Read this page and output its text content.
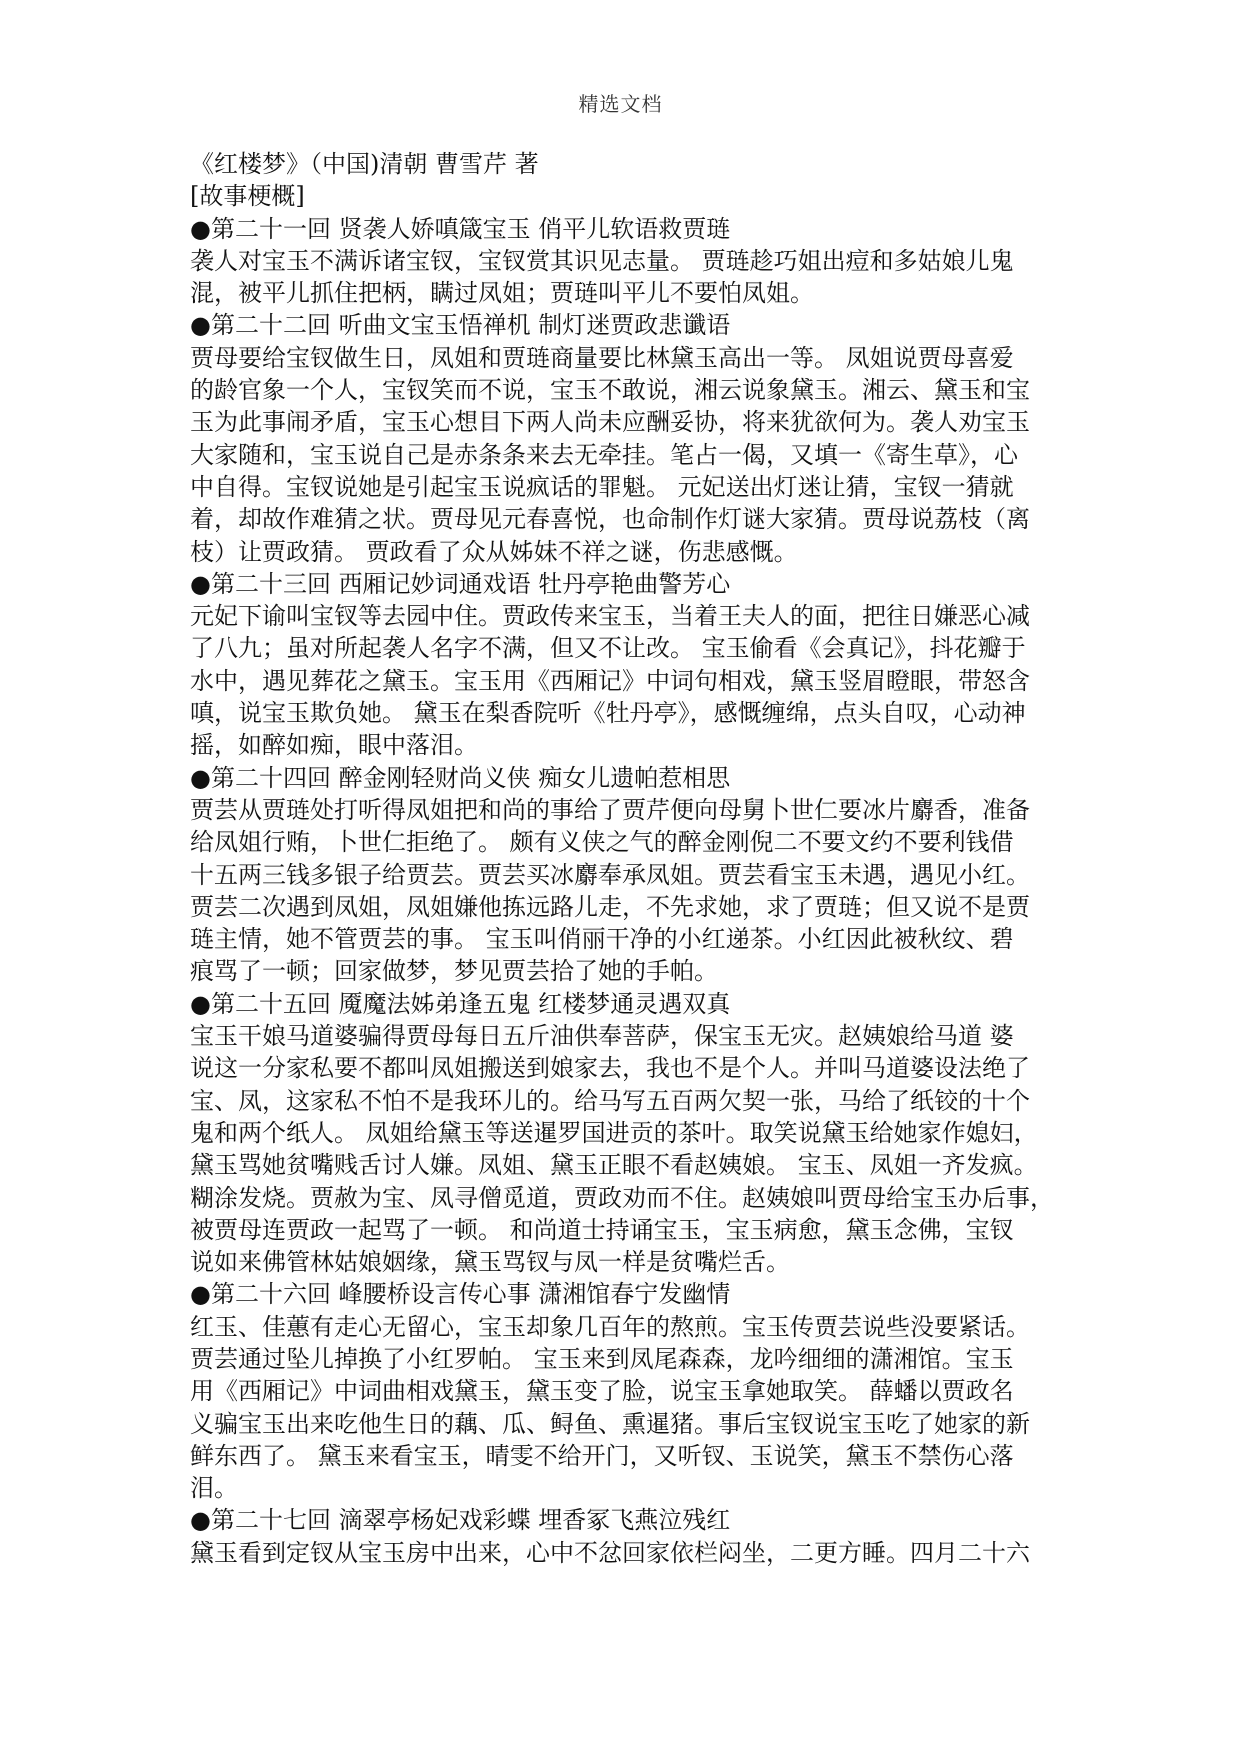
精选文档
《红楼梦》（中国)清朝 曹雪芹 著
[故事梗概]
●第二十一回 贤袭人娇嗔箴宝玉 俏平儿软语救贾琏
袭人对宝玉不满诉诸宝钗，宝钗赏其识见志量。 贾琏趁巧姐出痘和多姑娘儿鬼
混，被平儿抓住把柄，瞒过凤姐；贾琏叫平儿不要怕凤姐。
●第二十二回 听曲文宝玉悟禅机 制灯迷贾政悲谶语
贾母要给宝钗做生日，凤姐和贾琏商量要比林黛玉高出一等。 凤姐说贾母喜爱
的龄官象一个人，宝钗笑而不说，宝玉不敢说，湘云说象黛玉。湘云、黛玉和宝
玉为此事闹矛盾，宝玉心想目下两人尚未应酬妥协，将来犹欲何为。袭人劝宝玉
大家随和，宝玉说自己是赤条条来去无牵挂。笔占一偈，又填一《寄生草》，心
中自得。宝钗说她是引起宝玉说疯话的罪魁。 元妃送出灯迷让猜，宝钗一猜就
着，却故作难猜之状。贾母见元春喜悦，也命制作灯谜大家猜。贾母说荔枝（离
枝）让贾政猜。 贾政看了众从姊妹不祥之谜，伤悲感慨。
●第二十三回 西厢记妙词通戏语 牡丹亭艳曲警芳心
元妃下谕叫宝钗等去园中住。贾政传来宝玉，当着王夫人的面，把往日嫌恶心减
了八九；虽对所起袭人名字不满，但又不让改。 宝玉偷看《会真记》，抖花瓣于
水中，遇见葬花之黛玉。宝玉用《西厢记》中词句相戏，黛玉竖眉瞪眼，带怒含
嗔，说宝玉欺负她。 黛玉在梨香院听《牡丹亭》，感慨缠绵，点头自叹，心动神
摇，如醉如痴，眼中落泪。
●第二十四回 醉金刚轻财尚义侠 痴女儿遗帕惹相思
贾芸从贾琏处打听得凤姐把和尚的事给了贾芹便向母舅卜世仁要冰片麝香，准备
给凤姐行贿，卜世仁拒绝了。 颇有义侠之气的醉金刚倪二不要文约不要利钱借
十五两三钱多银子给贾芸。贾芸买冰麝奉承凤姐。贾芸看宝玉未遇，遇见小红。
贾芸二次遇到凤姐，凤姐嫌他拣远路儿走，不先求她，求了贾琏；但又说不是贾
琏主情，她不管贾芸的事。 宝玉叫俏丽干净的小红递茶。小红因此被秋纹、碧
痕骂了一顿；回家做梦，梦见贾芸拾了她的手帕。
●第二十五回 魇魔法姊弟逢五鬼 红楼梦通灵遇双真
宝玉干娘马道婆骗得贾母每日五斤油供奉菩萨，保宝玉无灾。赵姨娘给马道 婆
说这一分家私要不都叫凤姐搬送到娘家去，我也不是个人。并叫马道婆设法绝了
宝、凤，这家私不怕不是我环儿的。给马写五百两欠契一张，马给了纸铰的十个
鬼和两个纸人。 凤姐给黛玉等送暹罗国进贡的茶叶。取笑说黛玉给她家作媳妇，
黛玉骂她贫嘴贱舌讨人嫌。凤姐、黛玉正眼不看赵姨娘。 宝玉、凤姐一齐发疯。
糊涂发烧。贾赦为宝、凤寻僧觅道，贾政劝而不住。赵姨娘叫贾母给宝玉办后事，
被贾母连贾政一起骂了一顿。 和尚道士持诵宝玉，宝玉病愈，黛玉念佛，宝钗
说如来佛管林姑娘姻缘，黛玉骂钗与凤一样是贫嘴烂舌。
●第二十六回 峰腰桥设言传心事 潇湘馆春宁发幽情
红玉、佳蕙有走心无留心，宝玉却象几百年的熬煎。宝玉传贾芸说些没要紧话。
贾芸通过坠儿掉换了小红罗帕。 宝玉来到凤尾森森，龙吟细细的潇湘馆。宝玉
用《西厢记》中词曲相戏黛玉，黛玉变了脸，说宝玉拿她取笑。 薛蟠以贾政名
义骗宝玉出来吃他生日的藕、瓜、鲟鱼、熏暹猪。事后宝钗说宝玉吃了她家的新
鲜东西了。 黛玉来看宝玉，晴雯不给开门，又听钗、玉说笑，黛玉不禁伤心落
泪。
●第二十七回 滴翠亭杨妃戏彩蝶 埋香冢飞燕泣残红
黛玉看到定钗从宝玉房中出来，心中不忿回家依栏闷坐，二更方睡。四月二十六
